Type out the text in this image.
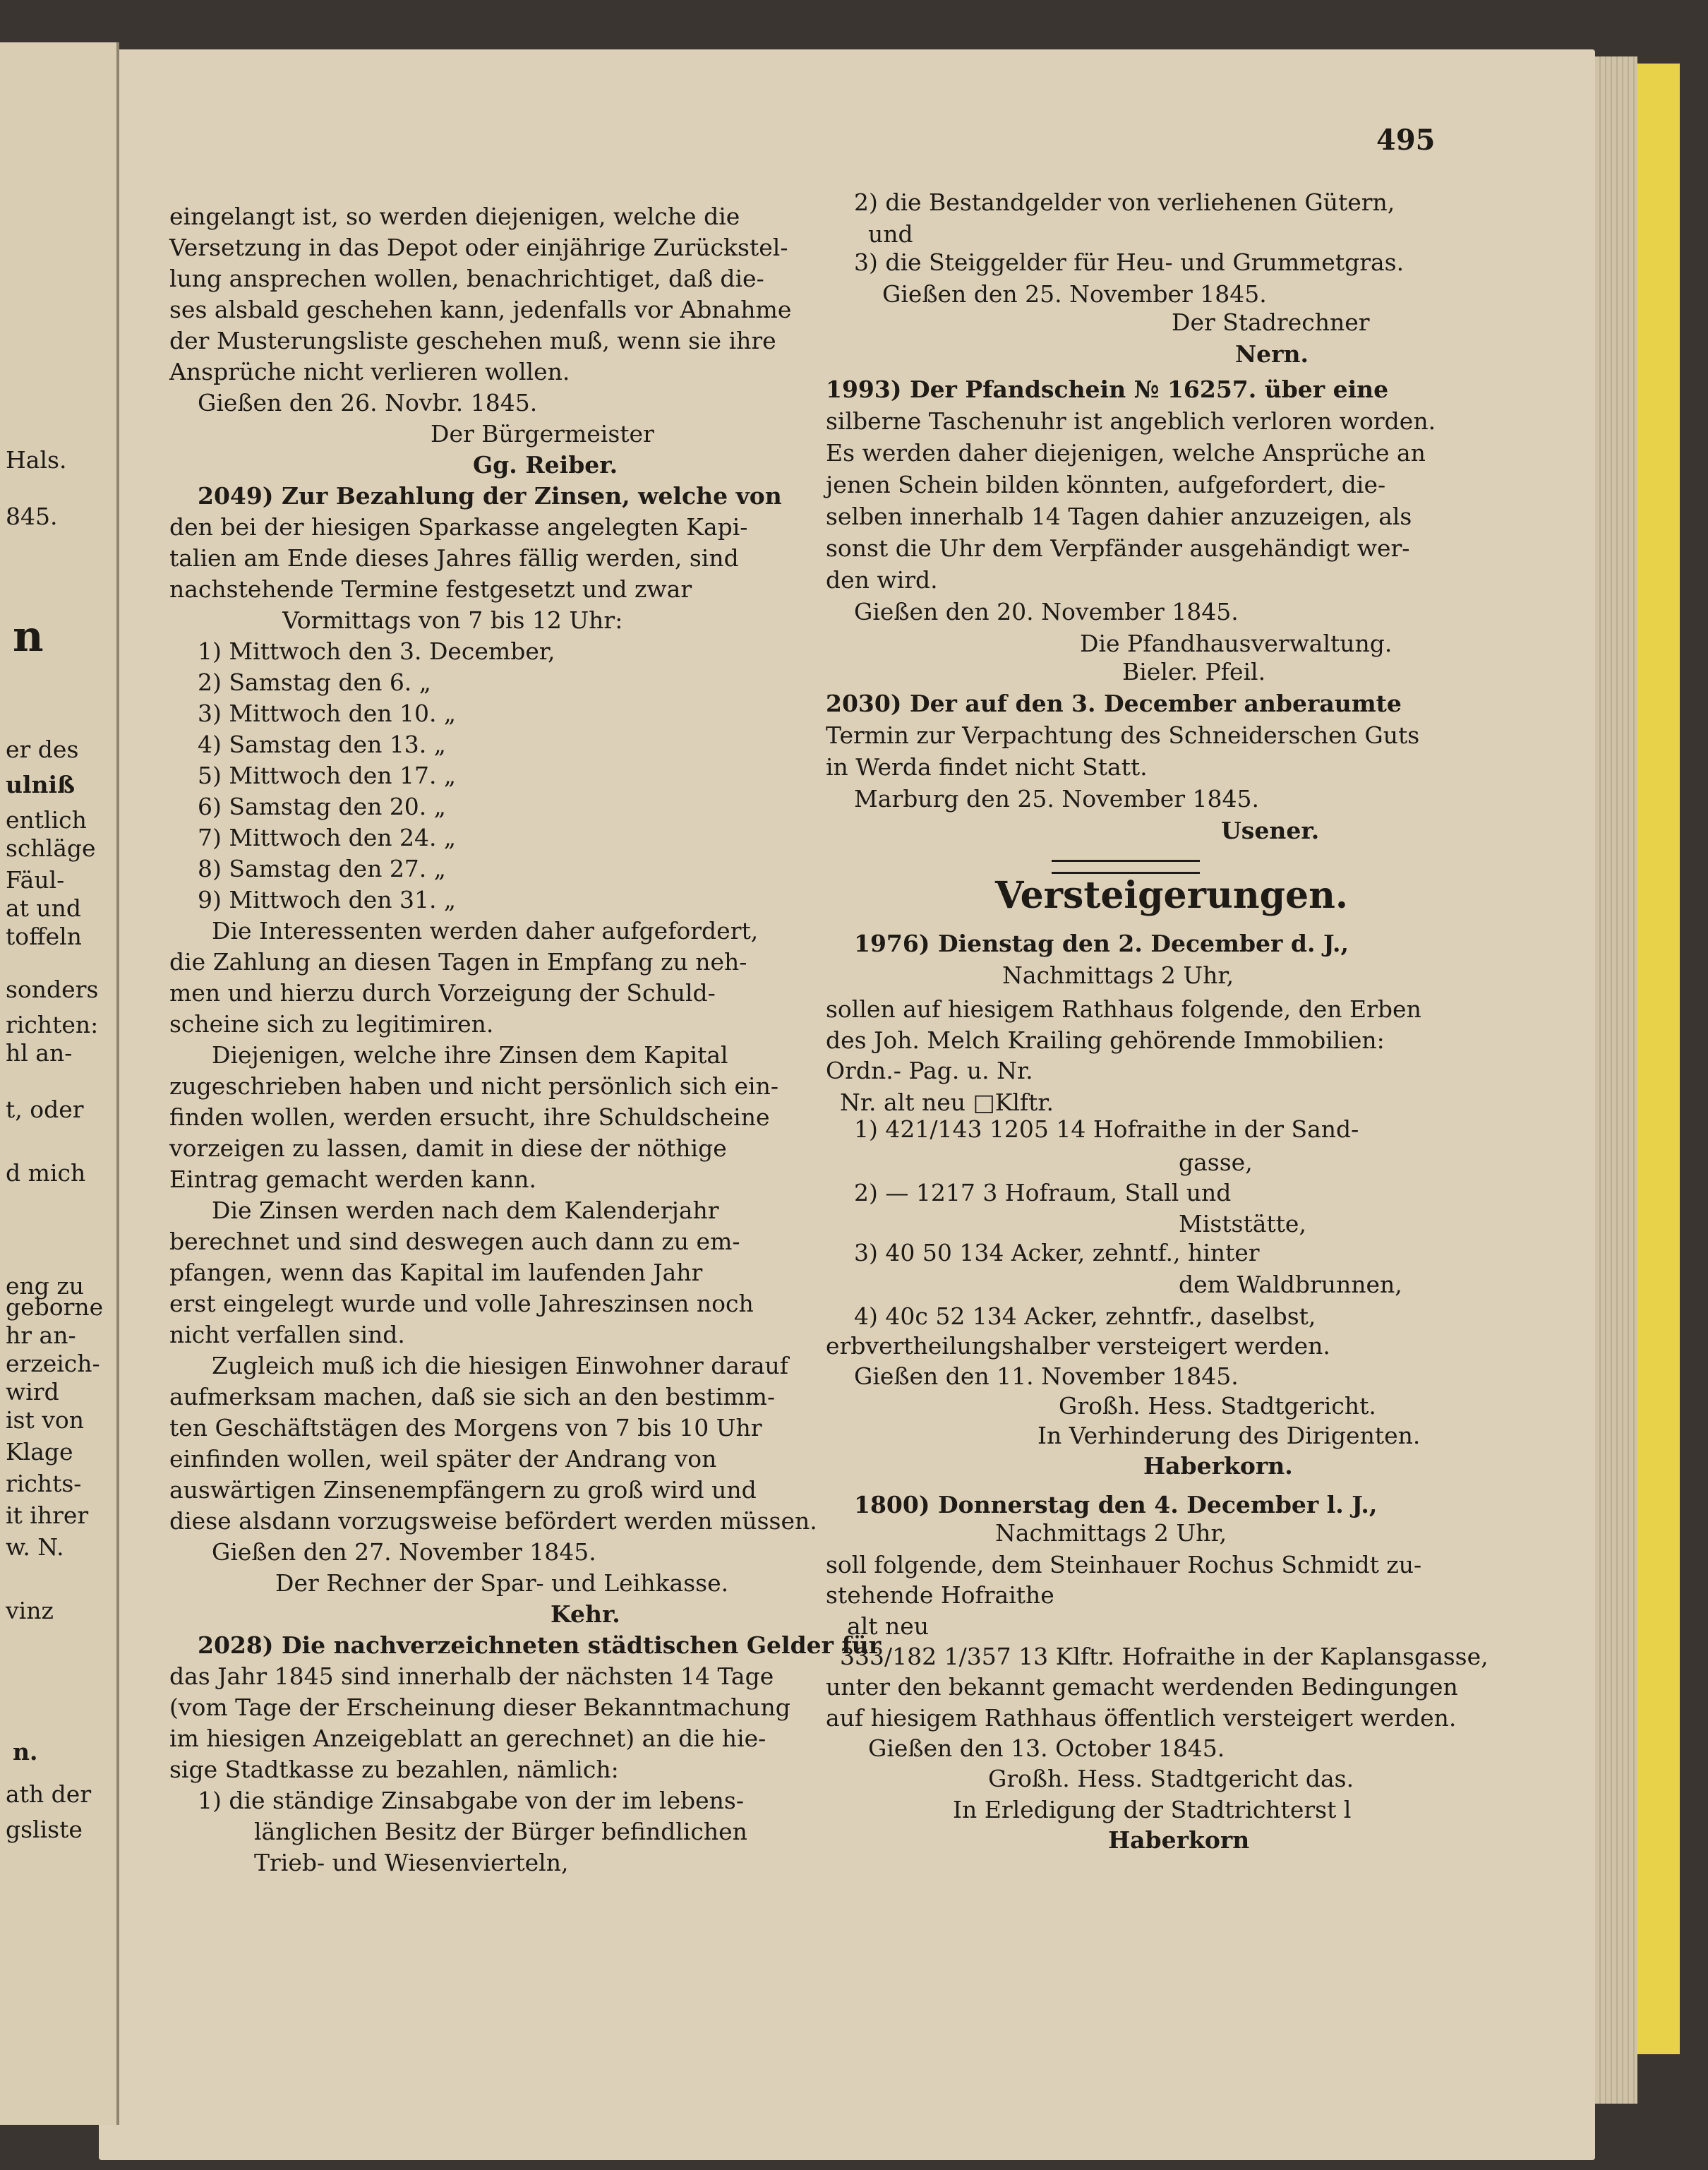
495
Hals.
845.
n
er des
ulniß
entlich
schläge
Fäul-
at und
toffeln
sonders
richten:
hl an-
t, oder
d mich
eng zu
geborne
hr an-
erzeich-
wird
ist von
Klage
richts-
it ihrer
w. N.
vinz
n.
ath der
gsliste
eingelangt ist, so werden diejenigen, welche die
Versetzung in das Depot oder einjährige Zurückstel-
lung ansprechen wollen, benachrichtiget, daß die-
ses alsbald geschehen kann, jedenfalls vor Abnahme
der Musterungsliste geschehen muß, wenn sie ihre
Ansprüche nicht verlieren wollen.
Gießen den 26. Novbr. 1845.
Der Bürgermeister
Gg. Reiber.
2049) Zur Bezahlung der Zinsen, welche von
den bei der hiesigen Sparkasse angelegten Kapi-
talien am Ende dieses Jahres fällig werden, sind
nachstehende Termine festgesetzt und zwar
Vormittags von 7 bis 12 Uhr:
1) Mittwoch den 3. December,
2) Samstag den 6. „
3) Mittwoch den 10. „
4) Samstag den 13. „
5) Mittwoch den 17. „
6) Samstag den 20. „
7) Mittwoch den 24. „
8) Samstag den 27. „
9) Mittwoch den 31. „
Die Interessenten werden daher aufgefordert,
die Zahlung an diesen Tagen in Empfang zu neh-
men und hierzu durch Vorzeigung der Schuld-
scheine sich zu legitimiren.
Diejenigen, welche ihre Zinsen dem Kapital
zugeschrieben haben und nicht persönlich sich ein-
finden wollen, werden ersucht, ihre Schuldscheine
vorzeigen zu lassen, damit in diese der nöthige
Eintrag gemacht werden kann.
Die Zinsen werden nach dem Kalenderjahr
berechnet und sind deswegen auch dann zu em-
pfangen, wenn das Kapital im laufenden Jahr
erst eingelegt wurde und volle Jahreszinsen noch
nicht verfallen sind.
Zugleich muß ich die hiesigen Einwohner darauf
aufmerksam machen, daß sie sich an den bestimm-
ten Geschäftstägen des Morgens von 7 bis 10 Uhr
einfinden wollen, weil später der Andrang von
auswärtigen Zinsenempfängern zu groß wird und
diese alsdann vorzugsweise befördert werden müssen.
Gießen den 27. November 1845.
Der Rechner der Spar- und Leihkasse.
Kehr.
2028) Die nachverzeichneten städtischen Gelder für
das Jahr 1845 sind innerhalb der nächsten 14 Tage
(vom Tage der Erscheinung dieser Bekanntmachung
im hiesigen Anzeigeblatt an gerechnet) an die hie-
sige Stadtkasse zu bezahlen, nämlich:
1) die ständige Zinsabgabe von der im lebens-
länglichen Besitz der Bürger befindlichen
Trieb- und Wiesenvierteln,
2) die Bestandgelder von verliehenen Gütern,
und
3) die Steiggelder für Heu- und Grummetgras.
Gießen den 25. November 1845.
Der Stadrechner
Nern.
1993) Der Pfandschein № 16257. über eine
silberne Taschenuhr ist angeblich verloren worden.
Es werden daher diejenigen, welche Ansprüche an
jenen Schein bilden könnten, aufgefordert, die-
selben innerhalb 14 Tagen dahier anzuzeigen, als
sonst die Uhr dem Verpfänder ausgehändigt wer-
den wird.
Gießen den 20. November 1845.
Die Pfandhausverwaltung.
Bieler. Pfeil.
2030) Der auf den 3. December anberaumte
Termin zur Verpachtung des Schneiderschen Guts
in Werda findet nicht Statt.
Marburg den 25. November 1845.
Usener.
Versteigerungen.
1976) Dienstag den 2. December d. J.,
Nachmittags 2 Uhr,
sollen auf hiesigem Rathhaus folgende, den Erben
des Joh. Melch Krailing gehörende Immobilien:
Ordn.- Pag. u. Nr.
Nr. alt neu □Klftr.
1) 421/143 1205 14 Hofraithe in der Sand-
gasse,
2) — 1217 3 Hofraum, Stall und
Miststätte,
3) 40 50 134 Acker, zehntf., hinter
dem Waldbrunnen,
4) 40c 52 134 Acker, zehntfr., daselbst,
erbvertheilungshalber versteigert werden.
Gießen den 11. November 1845.
Großh. Hess. Stadtgericht.
In Verhinderung des Dirigenten.
Haberkorn.
1800) Donnerstag den 4. December l. J.,
Nachmittags 2 Uhr,
soll folgende, dem Steinhauer Rochus Schmidt zu-
stehende Hofraithe
alt neu
333/182 1/357 13 Klftr. Hofraithe in der Kaplansgasse,
unter den bekannt gemacht werdenden Bedingungen
auf hiesigem Rathhaus öffentlich versteigert werden.
Gießen den 13. October 1845.
Großh. Hess. Stadtgericht das.
In Erledigung der Stadtrichterst l
Haberkorn
